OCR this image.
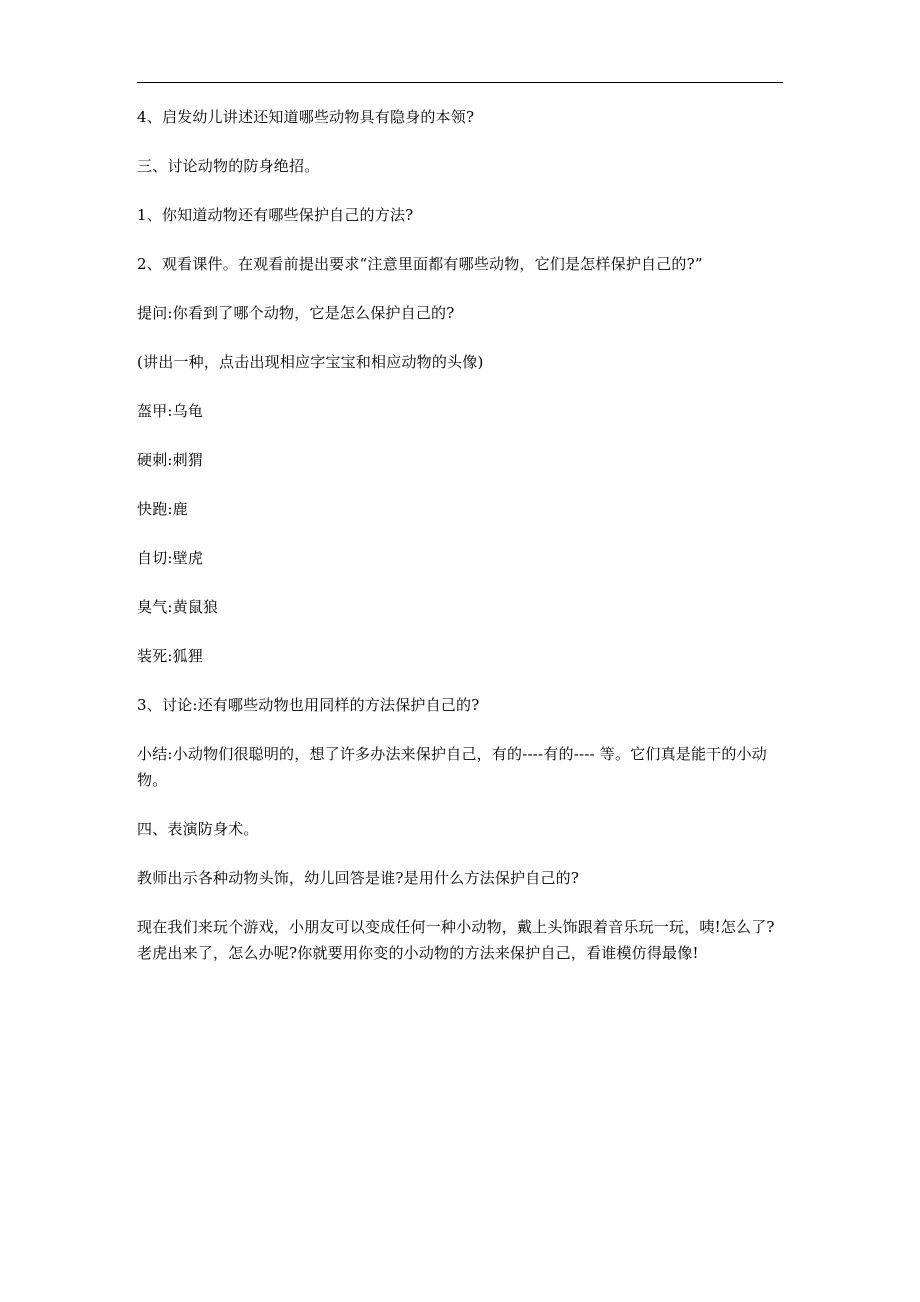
4、启发幼儿讲述还知道哪些动物具有隐身的本领?

三、讨论动物的防身绝招。

1、你知道动物还有哪些保护自己的方法?

2、观看课件。在观看前提出要求“注意里面都有哪些动物，它们是怎样保护自己的?”

提问:你看到了哪个动物，它是怎么保护自己的?

(讲出一种，点击出现相应字宝宝和相应动物的头像)

盔甲:乌龟

硬刺:刺猬

快跑:鹿

自切:壁虎

臭气:黄鼠狼

装死:狐狸

3、讨论:还有哪些动物也用同样的方法保护自己的?

小结:小动物们很聪明的，想了许多办法来保护自己，有的----有的---- 等。它们真是能干的小动物。

四、表演防身术。

教师出示各种动物头饰，幼儿回答是谁?是用什么方法保护自己的?

现在我们来玩个游戏，小朋友可以变成任何一种小动物，戴上头饰跟着音乐玩一玩，咦!怎么了?老虎出来了，怎么办呢?你就要用你变的小动物的方法来保护自己，看谁模仿得最像!
